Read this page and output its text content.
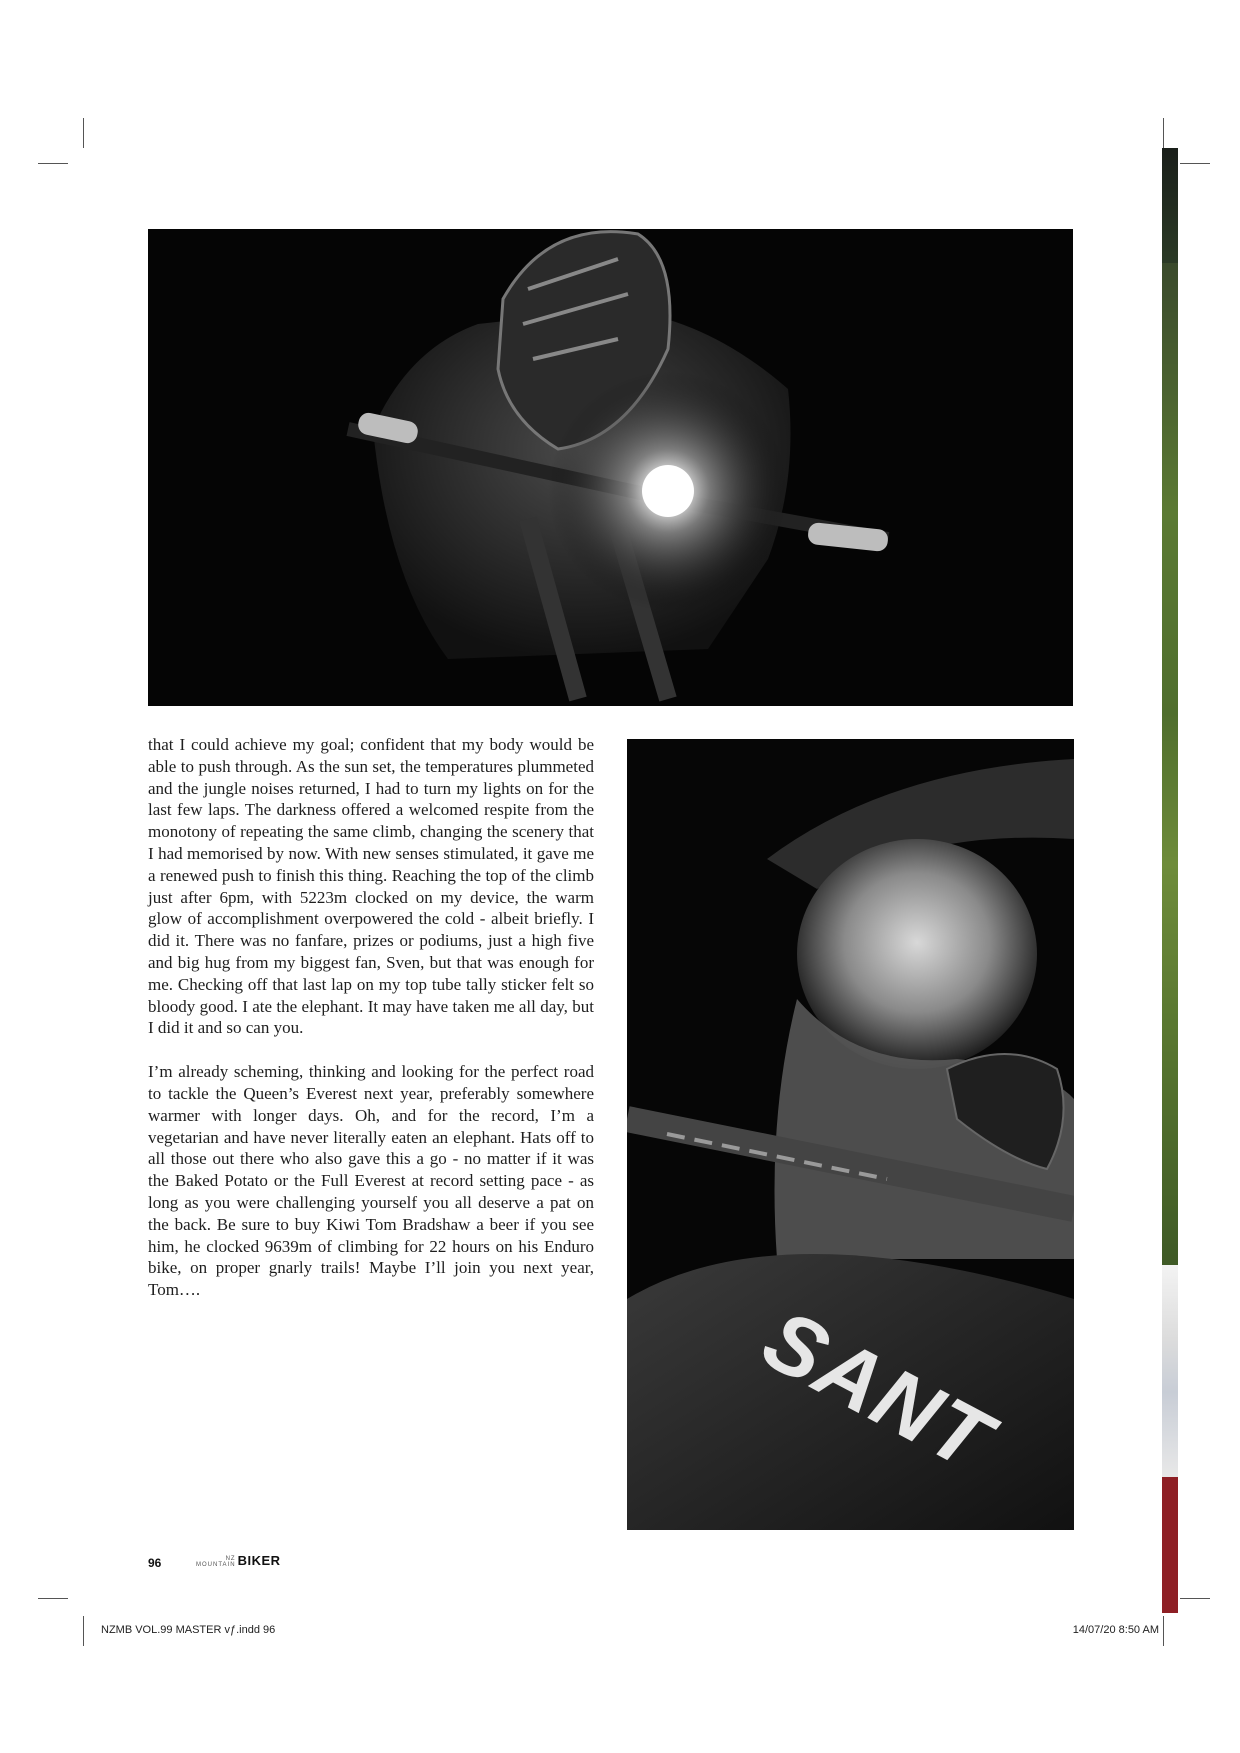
SANT

that I could achieve my goal; confident that my body would be able to push through. As the sun set, the temperatures plummeted and the jungle noises returned, I had to turn my lights on for the last few laps. The darkness offered a welcomed respite from the monotony of repeating the same climb, changing the scenery that I had memorised by now. With new senses stimulated, it gave me a renewed push to finish this thing. Reaching the top of the climb just after 6pm, with 5223m clocked on my device, the warm glow of accomplishment overpowered the cold - albeit briefly. I did it. There was no fanfare, prizes or podiums, just a high five and big hug from my biggest fan, Sven, but that was enough for me. Checking off that last lap on my top tube tally sticker felt so bloody good. I ate the elephant. It may have taken me all day, but I did it and so can you.

I’m already scheming, thinking and looking for the perfect road to tackle the Queen’s Everest next year, preferably somewhere warmer with longer days. Oh, and for the record, I’m a vegetarian and have never literally eaten an elephant. Hats off to all those out there who also gave this a go - no matter if it was the Baked Potato or the Full Everest at record setting pace - as long as you were challenging yourself you all deserve a pat on the back. Be sure to buy Kiwi Tom Bradshaw a beer if you see him, he clocked 9639m of climbing for 22 hours on his Enduro bike, on proper gnarly trails! Maybe I’ll join you next year, Tom….

96	NZ
MOUNTAIN BIKER
NZMB VOL.99 MASTER vƒ.indd 96	14/07/20 8:50 AM
